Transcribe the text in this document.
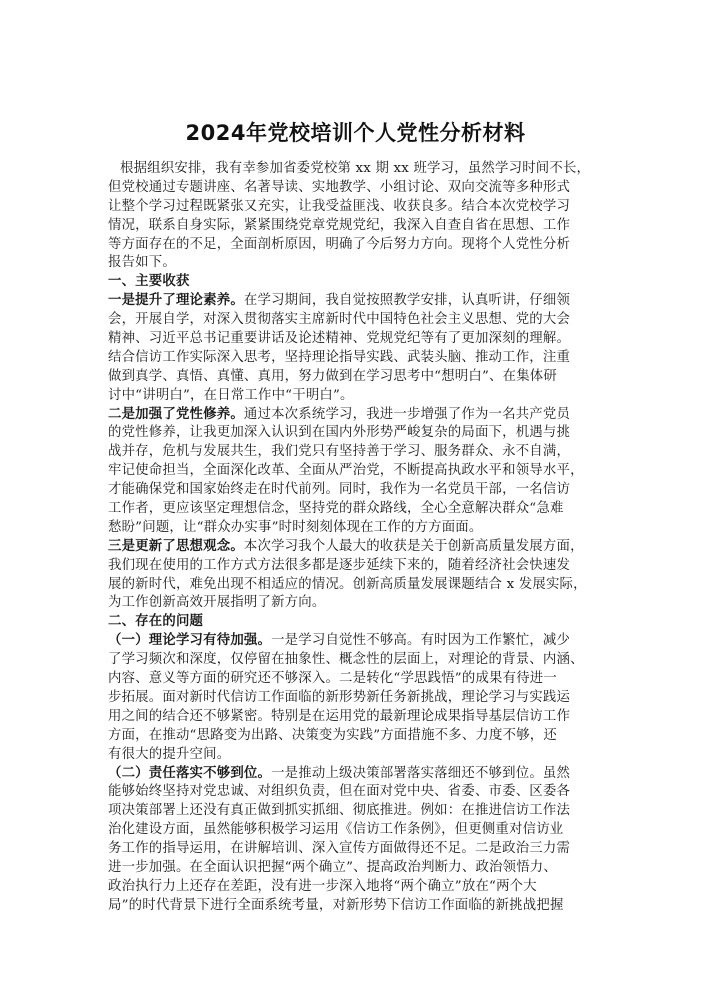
2024年党校培训个人党性分析材料
根据组织安排，我有幸参加省委党校第 xx 期 xx 班学习，虽然学习时间不长，
但党校通过专题讲座、名著导读、实地教学、小组讨论、双向交流等多种形式
让整个学习过程既紧张又充实，让我受益匪浅、收获良多。结合本次党校学习
情况，联系自身实际，紧紧围绕党章党规党纪，我深入自查自省在思想、工作
等方面存在的不足，全面剖析原因，明确了今后努力方向。现将个人党性分析
报告如下。
一、主要收获
一是提升了理论素养。在学习期间，我自觉按照教学安排，认真听讲，仔细领
会，开展自学，对深入贯彻落实主席新时代中国特色社会主义思想、党的大会
精神、习近平总书记重要讲话及论述精神、党规党纪等有了更加深刻的理解。
结合信访工作实际深入思考，坚持理论指导实践、武装头脑、推动工作，注重
做到真学、真悟、真懂、真用，努力做到在学习思考中“想明白”、在集体研
讨中“讲明白”，在日常工作中“干明白”。
二是加强了党性修养。通过本次系统学习，我进一步增强了作为一名共产党员
的党性修养，让我更加深入认识到在国内外形势严峻复杂的局面下，机遇与挑
战并存，危机与发展共生，我们党只有坚持善于学习、服务群众、永不自满，
牢记使命担当，全面深化改革、全面从严治党，不断提高执政水平和领导水平，
才能确保党和国家始终走在时代前列。同时，我作为一名党员干部，一名信访
工作者，更应该坚定理想信念，坚持党的群众路线，全心全意解决群众“急难
愁盼”问题，让“群众办实事”时时刻刻体现在工作的方方面面。
三是更新了思想观念。本次学习我个人最大的收获是关于创新高质量发展方面，
我们现在使用的工作方式方法很多都是逐步延续下来的，随着经济社会快速发
展的新时代，难免出现不相适应的情况。创新高质量发展课题结合 x 发展实际，
为工作创新高效开展指明了新方向。
二、存在的问题
（一）理论学习有待加强。一是学习自觉性不够高。有时因为工作繁忙，减少
了学习频次和深度，仅停留在抽象性、概念性的层面上，对理论的背景、内涵、
内容、意义等方面的研究还不够深入。二是转化“学思践悟”的成果有待进一
步拓展。面对新时代信访工作面临的新形势新任务新挑战，理论学习与实践运
用之间的结合还不够紧密。特别是在运用党的最新理论成果指导基层信访工作
方面，在推动“思路变为出路、决策变为实践”方面措施不多、力度不够，还
有很大的提升空间。
（二）责任落实不够到位。一是推动上级决策部署落实落细还不够到位。虽然
能够始终坚持对党忠诚、对组织负责，但在面对党中央、省委、市委、区委各
项决策部署上还没有真正做到抓实抓细、彻底推进。例如：在推进信访工作法
治化建设方面，虽然能够积极学习运用《信访工作条例》，但更侧重对信访业
务工作的指导运用，在讲解培训、深入宣传方面做得还不足。二是政治三力需
进一步加强。在全面认识把握“两个确立”、提高政治判断力、政治领悟力、
政治执行力上还存在差距，没有进一步深入地将“两个确立”放在“两个大
局”的时代背景下进行全面系统考量，对新形势下信访工作面临的新挑战把握
